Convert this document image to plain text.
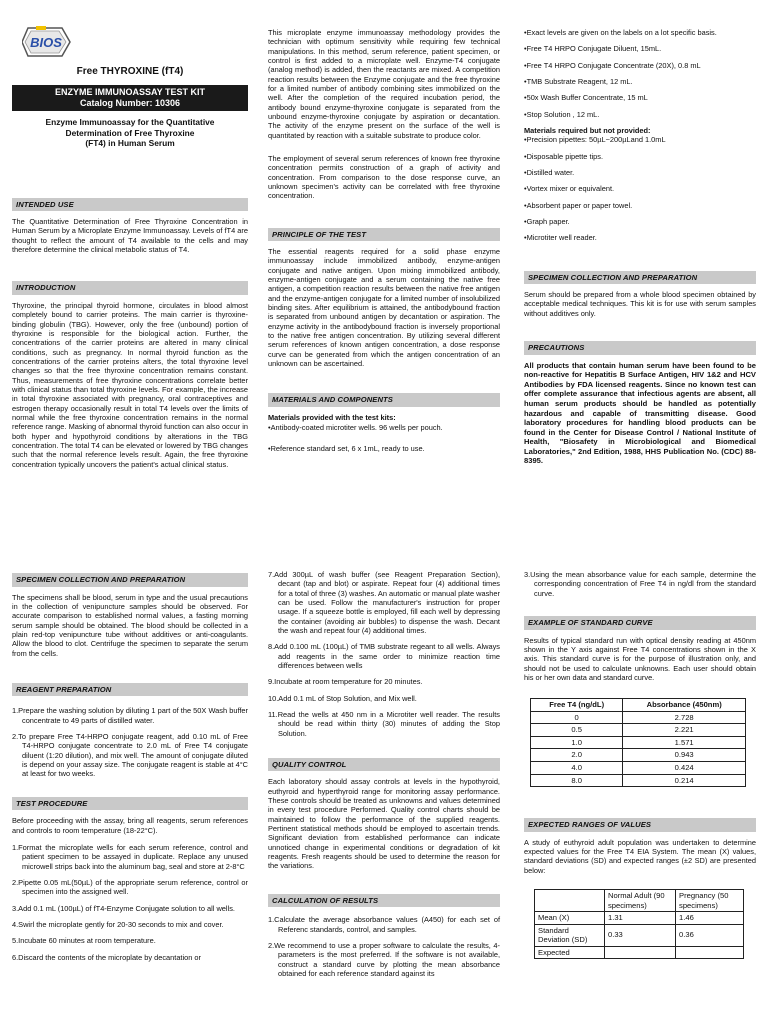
BIOS
Free THYROXINE (fT4)
ENZYME IMMUNOASSAY TEST KIT
Catalog Number: 10306
Enzyme Immunoassay for the Quantitative
Determination of Free Thyroxine
(FT4) in Human Serum
INTENDED USE

The Quantitative Determination of Free Thyroxine Concentration in Human Serum by a Microplate Enzyme Immunoassay. Levels of fT4 are thought to reflect the amount of T4 available to the cells and may therefore determine the clinical metabolic status of T4.

INTRODUCTION

Thyroxine, the principal thyroid hormone, circulates in blood almost completely bound to carrier proteins. The main carrier is thyroxine-binding globulin (TBG). However, only the free (unbound) portion of thyroxine is responsible for the biological action. Further, the concentrations of the carrier proteins are altered in many clinical conditions, such as pregnancy. In normal thyroid function as the concentrations of the carrier proteins alters, the total thyroxine level changes so that the free thyroxine concentration remains constant. Thus, measurements of free thyroxine concentrations correlate better with clinical status than total thyroxine levels. For example, the increase in total thyroxine associated with pregnancy, oral contraceptives and estrogen therapy occasionally result in total T4 levels over the limits of normal while the free thyroxine concentration remains in the normal reference range. Masking of abnormal thyroid function can also occur in both hyper and hypothyroid conditions by alterations in the TBG concentration. The total T4 can be elevated or lowered by TBG changes such that the normal reference levels result. Again, the free thyroxine concentration typically uncovers the patient's actual clinical status.

This microplate enzyme immunoassay methodology provides the technician with optimum sensitivity while requiring few technical manipulations. In this method, serum reference, patient specimen, or control is first added to a microplate well. Enzyme-T4 conjugate (analog method) is added, then the reactants are mixed. A competition reaction results between the Enzyme conjugate and the free thyroxine for a limited number of antibody combining sites immobilized on the well. After the completion of the required incubation period, the antibody bound enzyme-thyroxine conjugate is separated from the unbound enzyme-thyroxine conjugate by aspiration or decantation. The activity of the enzyme present on the surface of the well is quantitated by reaction with a suitable substrate to produce color.

The employment of several serum references of known free thyroxine concentration permits construction of a graph of activity and concentration. From comparison to the dose response curve, an unknown specimen's activity can be correlated with free thyroxine concentration.

PRINCIPLE OF THE TEST

The essential reagents required for a solid phase enzyme immunoassay include immobilized antibody, enzyme-antigen conjugate and native antigen. Upon mixing immobilized antibody, enzyme-antigen conjugate and a serum containing the native free antigen, a competition reaction results between the native free antigen and the enzyme-antigen conjugate for a limited number of insolubilized binding sites. After equilibrium is attained, the antibodybound fraction is separated from unbound antigen by decantation or aspiration. The enzyme activity in the antibodybound fraction is inversely proportional to the native free antigen concentration. By utilizing several different serum references of known antigen concentration, a dose response curve can be generated from which the antigen concentration of an unknown can be ascertained.

MATERIALS AND COMPONENTS
Materials provided with the test kits:
•Antibody-coated microtiter wells. 96 wells per pouch.
•Reference standard set, 6 x 1mL, ready to use.
•Exact levels are given on the labels on a lot specific basis.
•Free T4 HRPO Conjugate Diluent, 15mL.
•Free T4 HRPO Conjugate Concentrate (20X), 0.8 mL
•TMB Substrate Reagent, 12 mL.
•50x Wash Buffer Concentrate, 15 mL
•Stop Solution , 12 mL.
Materials required but not provided:
•Precision pipettes: 50µL~200µLand 1.0mL
•Disposable pipette tips.
•Distilled water.
•Vortex mixer or equivalent.
•Absorbent paper or paper towel.
•Graph paper.
•Microtiter well reader.
SPECIMEN COLLECTION AND PREPARATION

Serum should be prepared from a whole blood specimen obtained by acceptable medical techniques. This kit is for use with serum samples without additives only.

PRECAUTIONS

All products that contain human serum have been found to be non-reactive for Hepatitis B Surface Antigen, HIV 1&2 and HCV Antibodies by FDA licensed reagents. Since no known test can offer complete assurance that infectious agents are absent, all human serum products should be handled as potentially hazardous and capable of transmitting disease. Good laboratory procedures for handling blood products can be found in the Center for Disease Control / National Institute of Health, "Biosafety in Microbiological and Biomedical Laboratories," 2nd Edition, 1988, HHS Publication No. (CDC) 88-8395.

SPECIMEN COLLECTION AND PREPARATION

The specimens shall be blood, serum in type and the usual precautions in the collection of venipuncture samples should be observed. For accurate comparison to established normal values, a fasting morning serum sample should be obtained. The blood should be collected in a plain red-top venipuncture tube without additives or anti-coagulants. Allow the blood to clot. Centrifuge the specimen to separate the serum from the cells.

REAGENT PREPARATION
1.Prepare the washing solution by diluting 1 part of the 50X Wash buffer concentrate to 49 parts of distilled water.
2.To prepare Free T4-HRPO conjugate reagent, add 0.10 mL of Free T4-HRPO conjugate concentrate to 2.0 mL of Free T4 conjugate diluent (1:20 dilution), and mix well. The amount of conjugate diluted is depend on your assay size. The conjugate reagent is stable at 4°C at least for two weeks.
TEST PROCEDURE

Before proceeding with the assay, bring all reagents, serum references and controls to room temperature (18-22°C).

1.Format the microplate wells for each serum reference, control and patient specimen to be assayed in duplicate. Replace any unused microwell strips back into the aluminum bag, seal and store at 2-8°C
2.Pipette 0.05 mL(50µL) of the appropriate serum reference, control or specimen into the assigned well.
3.Add 0.1 mL (100µL) of fT4-Enzyme Conjugate solution to all wells.
4.Swirl the microplate gently for 20-30 seconds to mix and cover.
5.Incubate 60 minutes at room temperature.
6.Discard the contents of the microplate by decantation or
7.Add 300µL of wash buffer (see Reagent Preparation Section), decant (tap and blot) or aspirate. Repeat four (4) additional times for a total of three (3) washes. An automatic or manual plate washer can be used. Follow the manufacturer's instruction for proper usage. If a squeeze bottle is employed, fill each well by depressing the container (avoiding air bubbles) to dispense the wash. Decant the wash and repeat four (4) additional times.
8.Add 0.100 mL (100µL) of TMB substrate regeant to all wells. Always add reagents in the same order to minimize reaction time differences between wells
9.Incubate at room temperature for 20 minutes.
10.Add 0.1 mL of Stop Solution, and Mix well.
11.Read the wells at 450 nm in a Microtiter well reader. The results should be read within thirty (30) minutes of adding the Stop Solution.
QUALITY CONTROL

Each laboratory should assay controls at levels in the hypothyroid, euthyroid and hyperthyroid range for monitoring assay performance. These controls should be treated as unknowns and values determined in every test procedure Performed. Quality control charts should be maintained to follow the performance of the supplied reagents. Pertinent statistical methods should be employed to ascertain trends. Significant deviation from established performance can indicate unnoticed change in experimental conditions or degradation of kit reagents. Fresh reagents should be used to determine the reason for the variations.

CALCULATION OF RESULTS
1.Calculate the average absorbance values (A450) for each set of Referenc standards, control, and samples.
2.We recommend to use a proper software to calculate the results, 4-parameters is the most preferred. If the software is not available, construct a standard curve by plotting the mean absorbance obtained for each reference standard against its
3.Using the mean absorbance value for each sample, determine the corresponding concentration of Free T4 in ng/dl from the standard curve.
EXAMPLE OF STANDARD CURVE

Results of typical standard run with optical density reading at 450nm shown in the Y axis against Free T4 concentrations shown in the X axis. This standard curve is for the purpose of illustration only, and should not be used to calculate unknowns. Each user should obtain his or her own data and standard curve.

Free T4 (ng/dL)	Absorbance (450nm)
0	2.728
0.5	2.221
1.0	1.571
2.0	0.943
4.0	0.424
8.0	0.214
EXPECTED RANGES OF VALUES

A study of euthyroid adult population was undertaken to determine expected values for the Free T4 EIA System. The mean (X) values, standard deviations (SD) and expected ranges (±2 SD) are presented below:

	Normal Adult (90 specimens)	Pregnancy (50 specimens)
Mean (X)	1.31	1.46
Standard Deviation (SD)	0.33	0.36
Expected		
